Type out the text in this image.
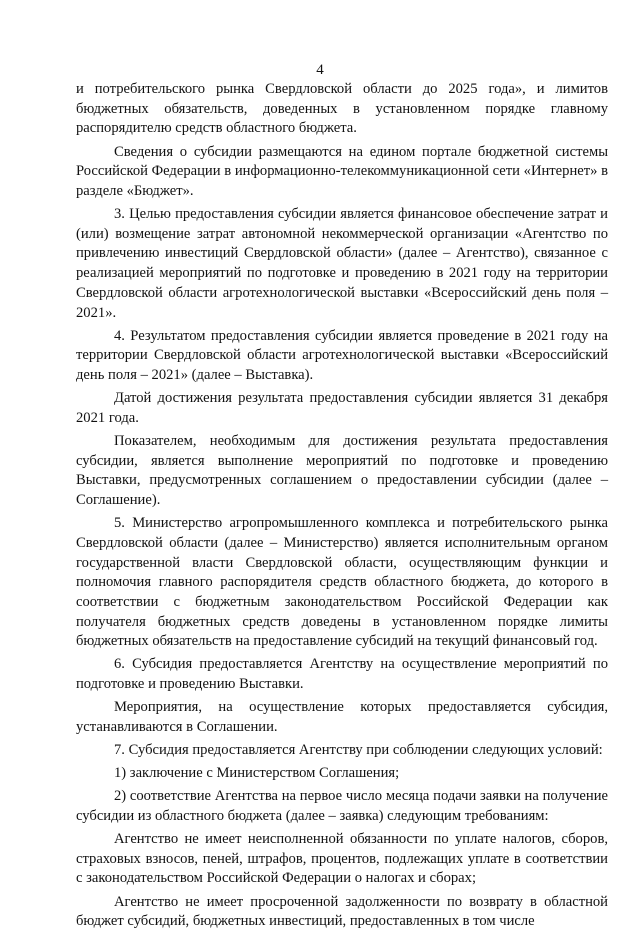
4

и потребительского рынка Свердловской области до 2025 года», и лимитов бюджетных обязательств, доведенных в установленном порядке главному распорядителю средств областного бюджета.

Сведения о субсидии размещаются на едином портале бюджетной системы Российской Федерации в информационно-телекоммуникационной сети «Интернет» в разделе «Бюджет».

3. Целью предоставления субсидии является финансовое обеспечение затрат и (или) возмещение затрат автономной некоммерческой организации «Агентство по привлечению инвестиций Свердловской области» (далее – Агентство), связанное с реализацией мероприятий по подготовке и проведению в 2021 году на территории Свердловской области агротехнологической выставки «Всероссийский день поля – 2021».

4. Результатом предоставления субсидии является проведение в 2021 году на территории Свердловской области агротехнологической выставки «Всероссийский день поля – 2021» (далее – Выставка).

Датой достижения результата предоставления субсидии является 31 декабря 2021 года.

Показателем, необходимым для достижения результата предоставления субсидии, является выполнение мероприятий по подготовке и проведению Выставки, предусмотренных соглашением о предоставлении субсидии (далее – Соглашение).

5. Министерство агропромышленного комплекса и потребительского рынка Свердловской области (далее – Министерство) является исполнительным органом государственной власти Свердловской области, осуществляющим функции и полномочия главного распорядителя средств областного бюджета, до которого в соответствии с бюджетным законодательством Российской Федерации как получателя бюджетных средств доведены в установленном порядке лимиты бюджетных обязательств на предоставление субсидий на текущий финансовый год.

6. Субсидия предоставляется Агентству на осуществление мероприятий по подготовке и проведению Выставки.

Мероприятия, на осуществление которых предоставляется субсидия, устанавливаются в Соглашении.

7. Субсидия предоставляется Агентству при соблюдении следующих условий:

1) заключение с Министерством Соглашения;

2) соответствие Агентства на первое число месяца подачи заявки на получение субсидии из областного бюджета (далее – заявка) следующим требованиям:

Агентство не имеет неисполненной обязанности по уплате налогов, сборов, страховых взносов, пеней, штрафов, процентов, подлежащих уплате в соответствии с законодательством Российской Федерации о налогах и сборах;

Агентство не имеет просроченной задолженности по возврату в областной бюджет субсидий, бюджетных инвестиций, предоставленных в том числе
